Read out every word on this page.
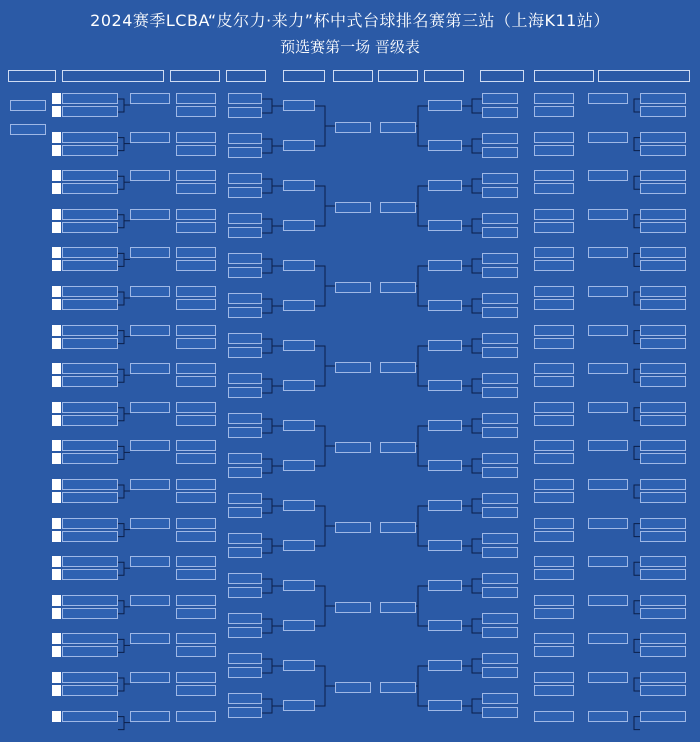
2024赛季LCBA“皮尔力·来力”杯中式台球排名赛第三站（上海K11站）
预选赛第一场 晋级表
